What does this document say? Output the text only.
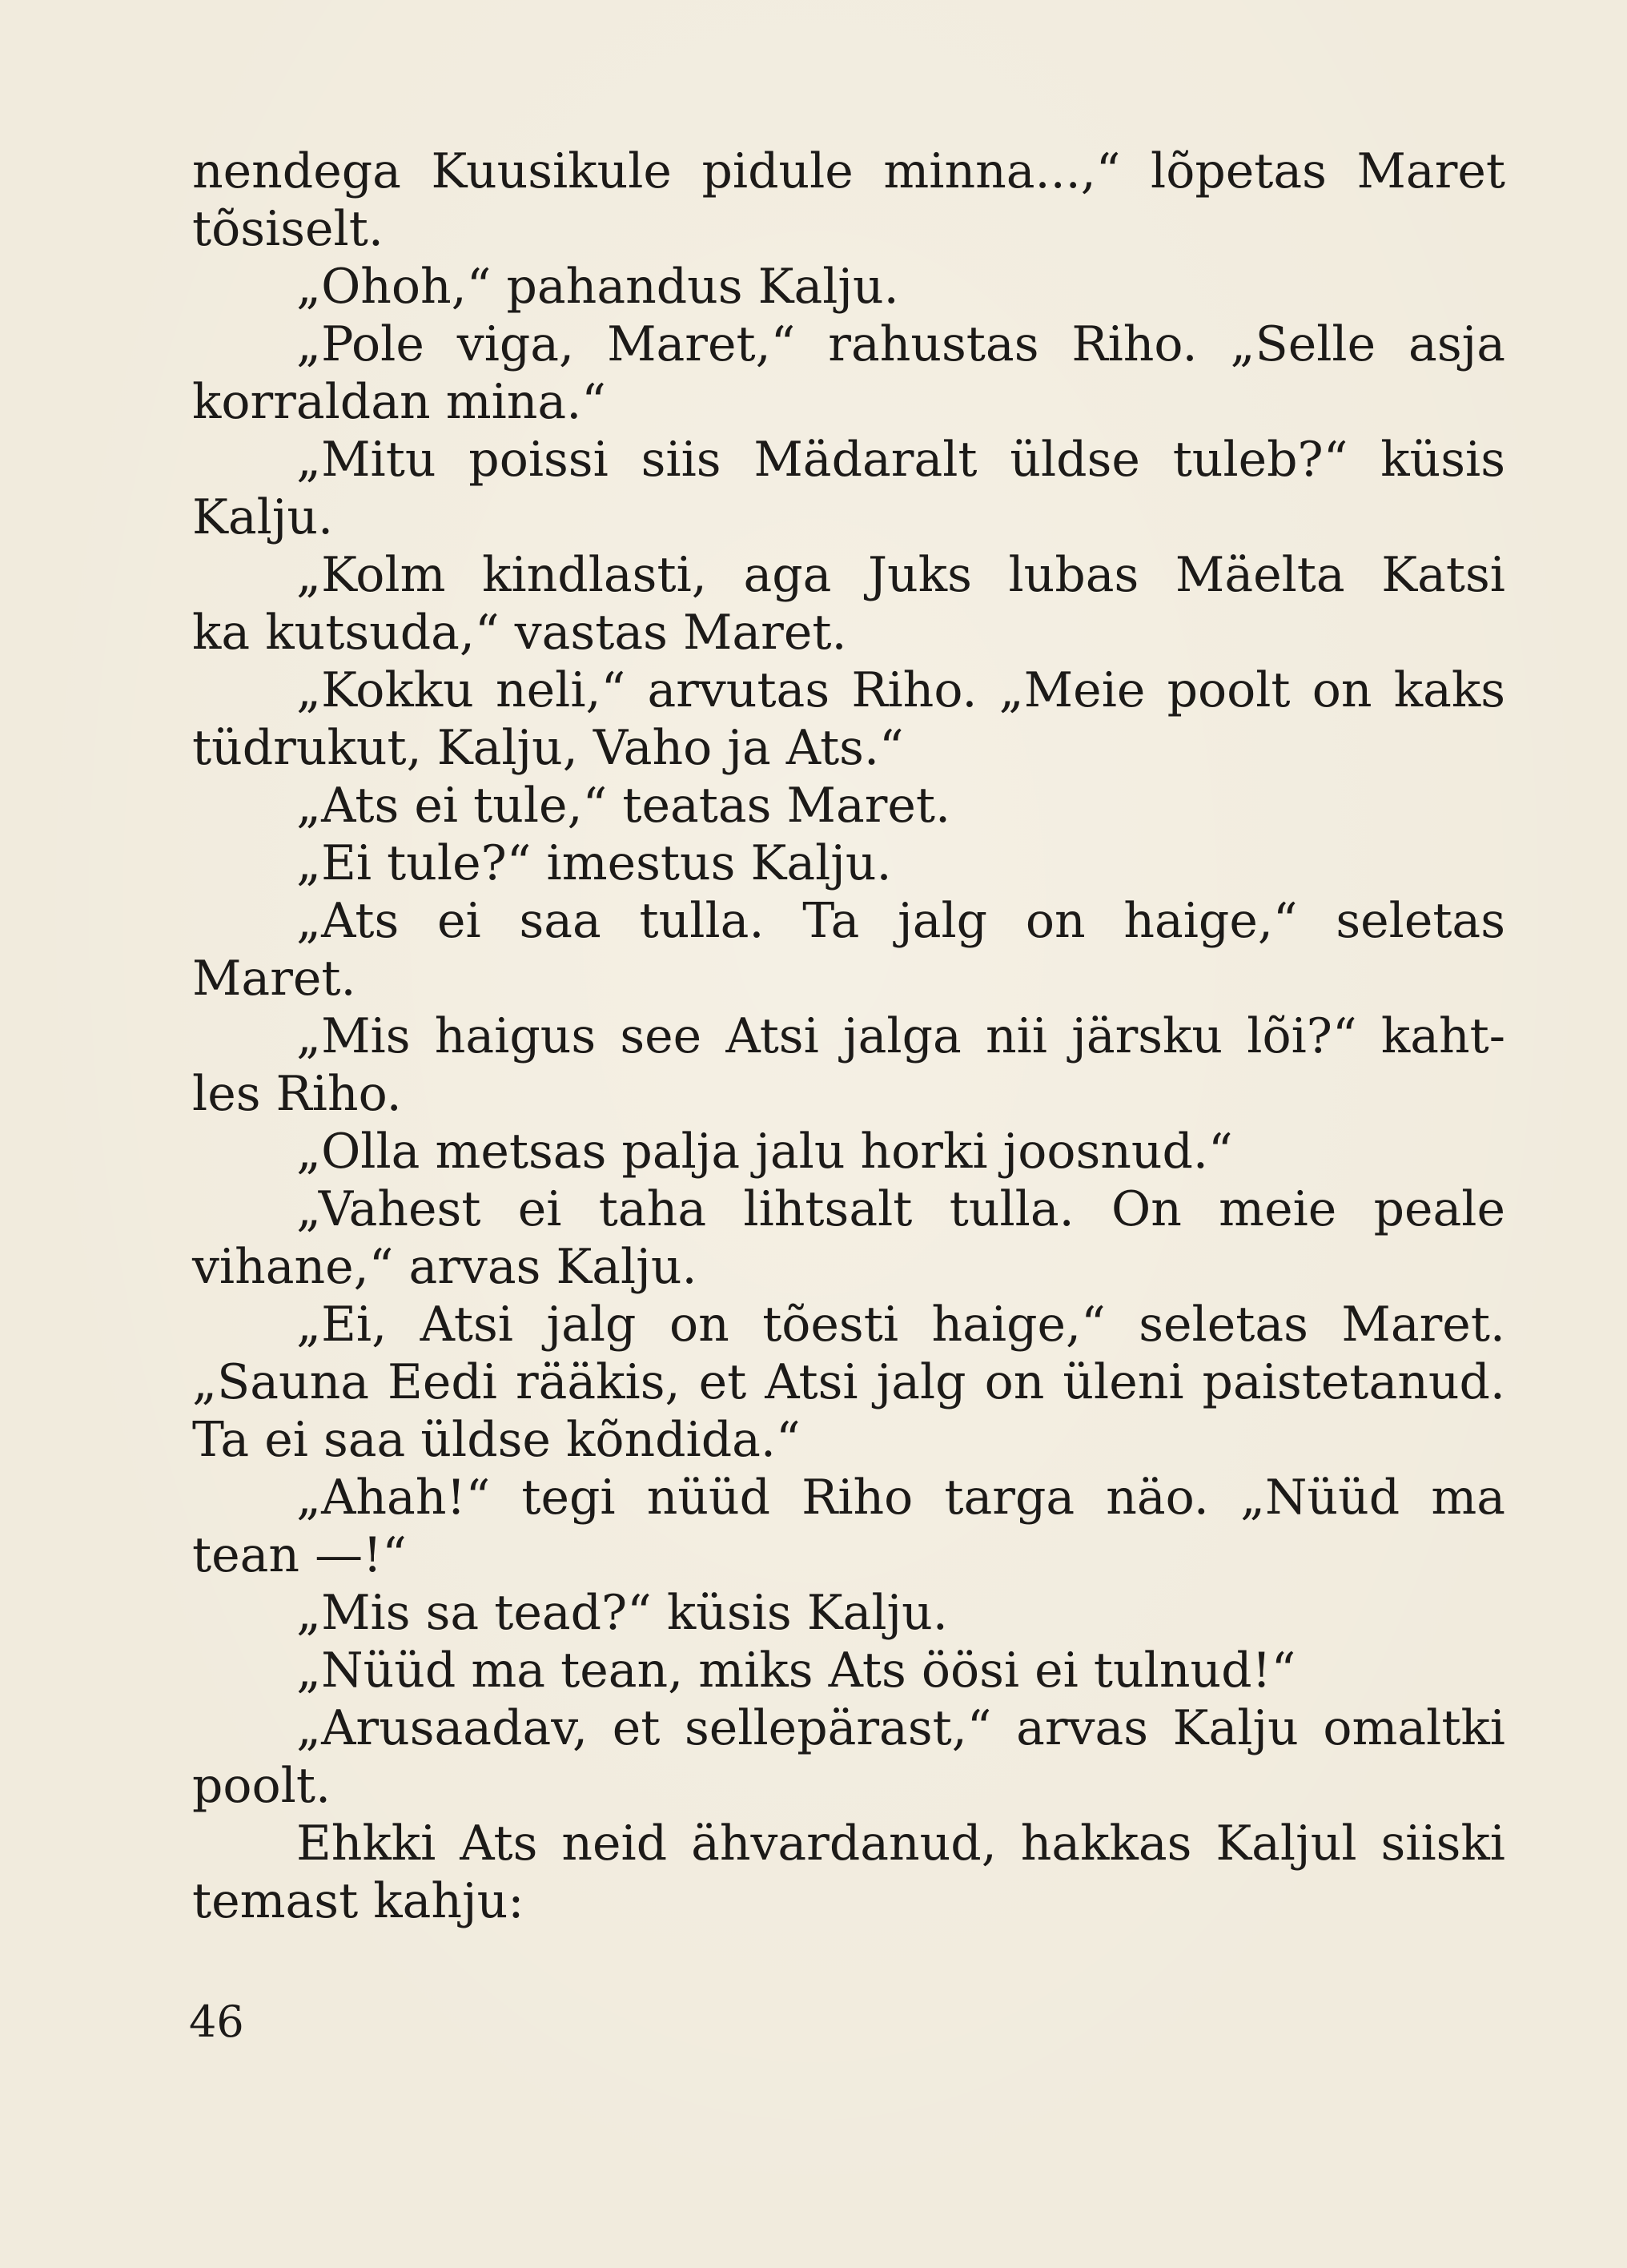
nendega Kuusikule pidule minna...,“ lõpetas Maret
tõsiselt.
„Ohoh,“ pahandus Kalju.
„Pole viga, Maret,“ rahustas Riho. „Selle asja
korraldan mina.“
„Mitu poissi siis Mädaralt üldse tuleb?“ küsis
Kalju.
„Kolm kindlasti, aga Juks lubas Mäelta Katsi
ka kutsuda,“ vastas Maret.
„Kokku neli,“ arvutas Riho. „Meie poolt on kaks
tüdrukut, Kalju, Vaho ja Ats.“
„Ats ei tule,“ teatas Maret.
„Ei tule?“ imestus Kalju.
„Ats ei saa tulla. Ta jalg on haige,“ seletas
Maret.
„Mis haigus see Atsi jalga nii järsku lõi?“ kaht-
les Riho.
„Olla metsas palja jalu horki joosnud.“
„Vahest ei taha lihtsalt tulla. On meie peale
vihane,“ arvas Kalju.
„Ei, Atsi jalg on tõesti haige,“ seletas Maret.
„Sauna Eedi rääkis, et Atsi jalg on üleni paistetanud.
Ta ei saa üldse kõndida.“
„Ahah!“ tegi nüüd Riho targa näo. „Nüüd ma
tean —!“
„Mis sa tead?“ küsis Kalju.
„Nüüd ma tean, miks Ats öösi ei tulnud!“
„Arusaadav, et sellepärast,“ arvas Kalju omaltki
poolt.
Ehkki Ats neid ähvardanud, hakkas Kaljul siiski
temast kahju:
46
